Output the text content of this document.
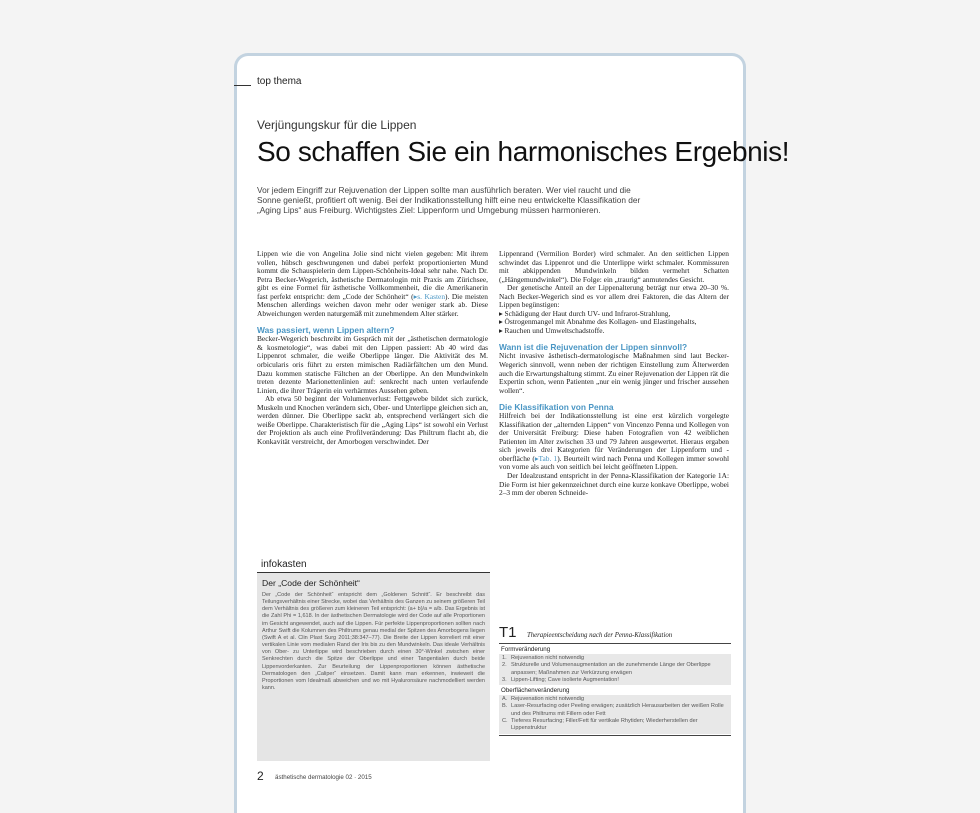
top thema
Verjüngungskur für die Lippen
So schaffen Sie ein harmonisches Ergebnis!
Vor jedem Eingriff zur Rejuvenation der Lippen sollte man ausführlich beraten. Wer viel raucht und die Sonne genießt, profitiert oft wenig. Bei der Indikationsstellung hilft eine neu entwickelte Klassifikation der „Aging Lips“ aus Freiburg. Wichtigstes Ziel: Lippenform und Umgebung müssen harmonieren.

Lippen wie die von Angelina Jolie sind nicht vielen gegeben: Mit ihrem vollen, hübsch geschwungenen und dabei perfekt proportionierten Mund kommt die Schauspielerin dem Lippen-Schönheits-Ideal sehr nahe. Nach Dr. Petra Becker-Wegerich, ästhetische Dermatologin mit Praxis am Zürichsee, gibt es eine Formel für ästhetische Vollkommenheit, die die Amerikanerin fast perfekt entspricht: dem „Code der Schönheit“ (▸s. Kasten). Die meisten Menschen allerdings weichen davon mehr oder weniger stark ab. Diese Abweichungen werden naturgemäß mit zunehmendem Alter stärker.

Was passiert, wenn Lippen altern?

Becker-Wegerich beschreibt im Gespräch mit der „ästhetischen dermatologie & kosmetologie“, was dabei mit den Lippen passiert: Ab 40 wird das Lippenrot schmaler, die weiße Oberlippe länger. Die Aktivität des M. orbicularis oris führt zu ersten mimischen Radiärfältchen um den Mund. Dazu kommen statische Fältchen an der Oberlippe. An den Mundwinkeln treten dezente Marionettenlinien auf: senkrecht nach unten verlaufende Linien, die ihrer Trägerin ein verhärmtes Aussehen geben.

Ab etwa 50 beginnt der Volumenverlust: Fettgewebe bildet sich zurück, Muskeln und Knochen verändern sich, Ober- und Unterlippe gleichen sich an, werden dünner. Die Oberlippe sackt ab, entsprechend verlängert sich die weiße Oberlippe. Charakteristisch für die „Aging Lips“ ist sowohl ein Verlust der Projektion als auch eine Profilveränderung: Das Philtrum flacht ab, die Konkavität verstreicht, der Amorbogen verschwindet. Der

Lippenrand (Vermilion Border) wird schmaler. An den seitlichen Lippen schwindet das Lippenrot und die Unterlippe wirkt schmaler. Kommissuren mit abkippenden Mundwinkeln bilden vermehrt Schatten („Hängemundwinkel“). Die Folge: ein „traurig“ anmutendes Gesicht.

Der genetische Anteil an der Lippenalterung beträgt nur etwa 20–30 %. Nach Becker-Wegerich sind es vor allem drei Faktoren, die das Altern der Lippen begünstigen:

▸ Schädigung der Haut durch UV- und Infrarot-Strahlung,
▸ Östrogenmangel mit Abnahme des Kollagen- und Elastingehalts,
▸ Rauchen und Umweltschadstoffe.
Wann ist die Rejuvenation der Lippen sinnvoll?

Nicht invasive ästhetisch-dermatologische Maßnahmen sind laut Becker-Wegerich sinnvoll, wenn neben der richtigen Einstellung zum Älterwerden auch die Erwartungshaltung stimmt. Zu einer Rejuvenation der Lippen rät die Expertin schon, wenn Patienten „nur ein wenig jünger und frischer aussehen wollen“.

Die Klassifikation von Penna

Hilfreich bei der Indikationsstellung ist eine erst kürzlich vorgelegte Klassifikation der „alternden Lippen“ von Vincenzo Penna und Kollegen von der Universität Freiburg: Diese haben Fotografien von 42 weiblichen Patienten im Alter zwischen 33 und 79 Jahren ausgewertet. Hieraus ergaben sich jeweils drei Kategorien für Veränderungen der Lippenform und -oberfläche (▸Tab. 1). Beurteilt wird nach Penna und Kollegen immer sowohl von vorne als auch von seitlich bei leicht geöffneten Lippen.

Der Idealzustand entspricht in der Penna-Klassifikation der Kategorie 1A: Die Form ist hier gekennzeichnet durch eine kurze konkave Oberlippe, wobei 2–3 mm der oberen Schneide-

infokasten
Der „Code der Schönheit“

Der „Code der Schönheit“ entspricht dem „Goldenen Schnitt“. Er beschreibt das Teilungsverhältnis einer Strecke, wobei das Verhältnis des Ganzen zu seinem größeren Teil dem Verhältnis des größeren zum kleineren Teil entspricht: (a+ b)/a = a/b. Das Ergebnis ist die Zahl Phi = 1,618. In der ästhetischen Dermatologie wird der Code auf alle Proportionen im Gesicht angewendet, auch auf die Lippen. Für perfekte Lippenproportionen sollten nach Arthur Swift die Kolumnen des Philtrums genau medial der Spitzen des Amorbogens liegen (Swift A et al. Clin Plast Surg 2011;38:347–77). Die Breite der Lippen korreliert mit einer vertikalen Linie vom medialen Rand der Iris bis zu den Mundwinkeln. Das ideale Verhältnis von Ober- zu Unterlippe wird beschrieben durch einen 30°-Winkel zwischen einer Senkrechten durch die Spitze der Oberlippe und einer Tangentialen durch beide Lippenvorderkanten. Zur Beurteilung der Lippenproportionen können ästhetische Dermatologen den „Caliper“ einsetzen. Damit kann man erkennen, inwieweit die Proportionen vom Idealmaß abweichen und wo mit Hyaluronsäure nachmodelliert werden kann.

T1 Therapieentscheidung nach der Penna-Klassifikation
Formveränderung
1. Rejuvenation nicht notwendig
2. Strukturelle und Volumenaugmentation an die zunehmende Länge der Oberlippe anpassen; Maßnahmen zur Verkürzung erwägen
3. Lippen-Lifting; Cave isolierte Augmentation!
Oberflächenveränderung
A. Rejuvenation nicht notwendig
B. Laser-Resurfacing oder Peeling erwägen; zusätzlich Herausarbeiten der weißen Rolle und des Philtrums mit Fillern oder Fett
C. Tieferes Resurfacing; Filler/Fett für vertikale Rhytiden; Wiederherstellen der Lippenstruktur
2 ästhetische dermatologie 02 · 2015
